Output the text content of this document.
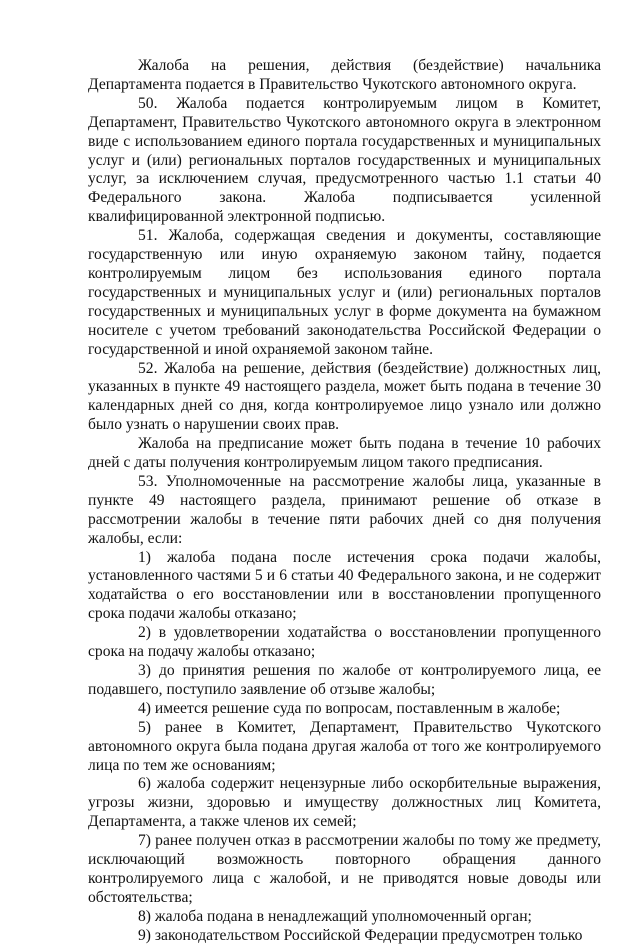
Жалоба на решения, действия (бездействие) начальника Департамента подается в Правительство Чукотского автономного округа.

50. Жалоба подается контролируемым лицом в Комитет, Департамент, Правительство Чукотского автономного округа в электронном виде с использованием единого портала государственных и муниципальных услуг и (или) региональных порталов государственных и муниципальных услуг, за исключением случая, предусмотренного частью 1.1 статьи 40 Федерального закона. Жалоба подписывается усиленной квалифицированной электронной подписью.

51. Жалоба, содержащая сведения и документы, составляющие государственную или иную охраняемую законом тайну, подается контролируемым лицом без использования единого портала государственных и муниципальных услуг и (или) региональных порталов государственных и муниципальных услуг в форме документа на бумажном носителе с учетом требований законодательства Российской Федерации о государственной и иной охраняемой законом тайне.

52. Жалоба на решение, действия (бездействие) должностных лиц, указанных в пункте 49 настоящего раздела, может быть подана в течение 30 календарных дней со дня, когда контролируемое лицо узнало или должно было узнать о нарушении своих прав.

Жалоба на предписание может быть подана в течение 10 рабочих дней с даты получения контролируемым лицом такого предписания.

53. Уполномоченные на рассмотрение жалобы лица, указанные в пункте 49 настоящего раздела, принимают решение об отказе в рассмотрении жалобы в течение пяти рабочих дней со дня получения жалобы, если:

1) жалоба подана после истечения срока подачи жалобы, установленного частями 5 и 6 статьи 40 Федерального закона, и не содержит ходатайства о его восстановлении или в восстановлении пропущенного срока подачи жалобы отказано;

2) в удовлетворении ходатайства о восстановлении пропущенного срока на подачу жалобы отказано;

3) до принятия решения по жалобе от контролируемого лица, ее подавшего, поступило заявление об отзыве жалобы;

4) имеется решение суда по вопросам, поставленным в жалобе;

5) ранее в Комитет, Департамент, Правительство Чукотского автономного округа была подана другая жалоба от того же контролируемого лица по тем же основаниям;

6) жалоба содержит нецензурные либо оскорбительные выражения, угрозы жизни, здоровью и имуществу должностных лиц Комитета, Департамента, а также членов их семей;

7) ранее получен отказ в рассмотрении жалобы по тому же предмету, исключающий возможность повторного обращения данного контролируемого лица с жалобой, и не приводятся новые доводы или обстоятельства;

8) жалоба подана в ненадлежащий уполномоченный орган;

9) законодательством Российской Федерации предусмотрен только
